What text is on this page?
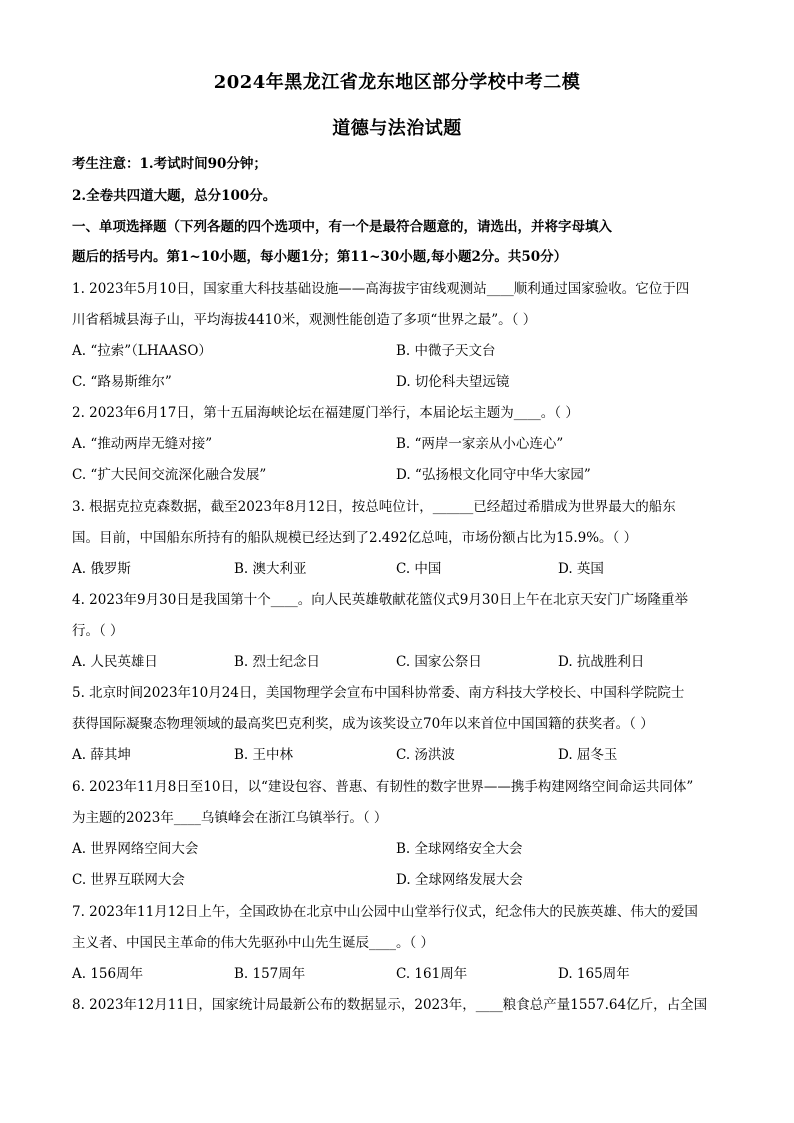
2024年黑龙江省龙东地区部分学校中考二模
道德与法治试题
考生注意：1.考试时间90分钟；
2.全卷共四道大题，总分100分。
一、单项选择题（下列各题的四个选项中，有一个是最符合题意的，请选出，并将字母填入
题后的括号内。第1~10小题，每小题1分；第11~30小题,每小题2分。共50分）
1. 2023年5月10日，国家重大科技基础设施——高海拔宇宙线观测站____顺利通过国家验收。它位于四
川省稻城县海子山，平均海拔4410米，观测性能创造了多项“世界之最”。（ ）
A. “拉索”（LHAASO）	B. 中微子天文台
C. “路易斯维尔”	D. 切伦科夫望远镜
2. 2023年6月17日，第十五届海峡论坛在福建厦门举行，本届论坛主题为____。（ ）
A. “推动两岸无缝对接”	B. “两岸一家亲从小心连心”
C. “扩大民间交流深化融合发展”	D. “弘扬根文化同守中华大家园”
3. 根据克拉克森数据，截至2023年8月12日，按总吨位计，______已经超过希腊成为世界最大的船东
国。目前，中国船东所持有的船队规模已经达到了2.492亿总吨，市场份额占比为15.9%。（ ）
A. 俄罗斯	B. 澳大利亚	C. 中国	D. 英国
4. 2023年9月30日是我国第十个____。向人民英雄敬献花篮仪式9月30日上午在北京天安门广场隆重举
行。（ ）
A. 人民英雄日	B. 烈士纪念日	C. 国家公祭日	D. 抗战胜利日
5. 北京时间2023年10月24日，美国物理学会宣布中国科协常委、南方科技大学校长、中国科学院院士
获得国际凝聚态物理领域的最高奖巴克利奖，成为该奖设立70年以来首位中国国籍的获奖者。（ ）
A. 薛其坤	B. 王中林	C. 汤洪波	D. 屈冬玉
6. 2023年11月8日至10日，以“建设包容、普惠、有韧性的数字世界——携手构建网络空间命运共同体”
为主题的2023年____乌镇峰会在浙江乌镇举行。（ ）
A. 世界网络空间大会	B. 全球网络安全大会
C. 世界互联网大会	D. 全球网络发展大会
7. 2023年11月12日上午，全国政协在北京中山公园中山堂举行仪式，纪念伟大的民族英雄、伟大的爱国
主义者、中国民主革命的伟大先驱孙中山先生诞辰____。（ ）
A. 156周年	B. 157周年	C. 161周年	D. 165周年
8. 2023年12月11日，国家统计局最新公布的数据显示，2023年，____粮食总产量1557.64亿斤，占全国
